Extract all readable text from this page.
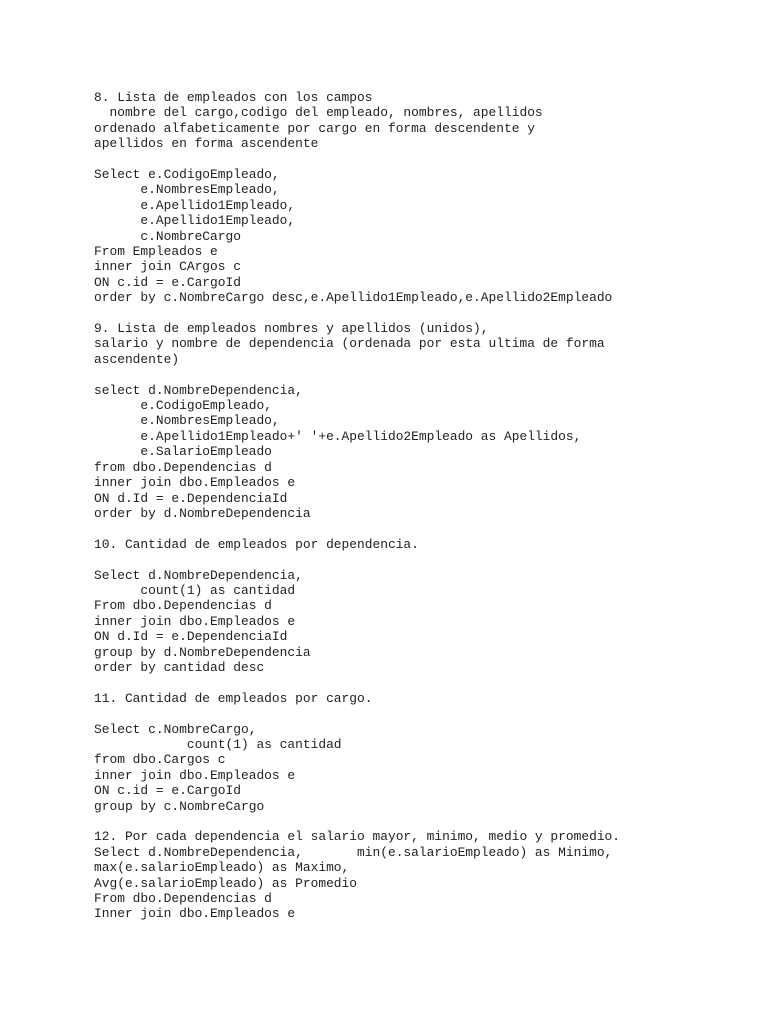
8. Lista de empleados con los campos
nombre del cargo,codigo del empleado, nombres, apellidos
ordenado alfabeticamente por cargo en forma descendente y
apellidos en forma ascendente
Select e.CodigoEmpleado,
e.NombresEmpleado,
e.Apellido1Empleado,
e.Apellido1Empleado,
c.NombreCargo
From Empleados e
inner join CArgos c
ON c.id = e.CargoId
order by c.NombreCargo desc,e.Apellido1Empleado,e.Apellido2Empleado
9. Lista de empleados nombres y apellidos (unidos),
salario y nombre de dependencia (ordenada por esta ultima de forma
ascendente)
select d.NombreDependencia,
e.CodigoEmpleado,
e.NombresEmpleado,
e.Apellido1Empleado+' '+e.Apellido2Empleado as Apellidos,
e.SalarioEmpleado
from dbo.Dependencias d
inner join dbo.Empleados e
ON d.Id = e.DependenciaId
order by d.NombreDependencia
10. Cantidad de empleados por dependencia.
Select d.NombreDependencia,
count(1) as cantidad
From dbo.Dependencias d
inner join dbo.Empleados e
ON d.Id = e.DependenciaId
group by d.NombreDependencia
order by cantidad desc
11. Cantidad de empleados por cargo.
Select c.NombreCargo,
count(1) as cantidad
from dbo.Cargos c
inner join dbo.Empleados e
ON c.id = e.CargoId
group by c.NombreCargo
12. Por cada dependencia el salario mayor, minimo, medio y promedio.
Select d.NombreDependencia,       min(e.salarioEmpleado) as Minimo,
max(e.salarioEmpleado) as Maximo,
Avg(e.salarioEmpleado) as Promedio
From dbo.Dependencias d
Inner join dbo.Empleados e
